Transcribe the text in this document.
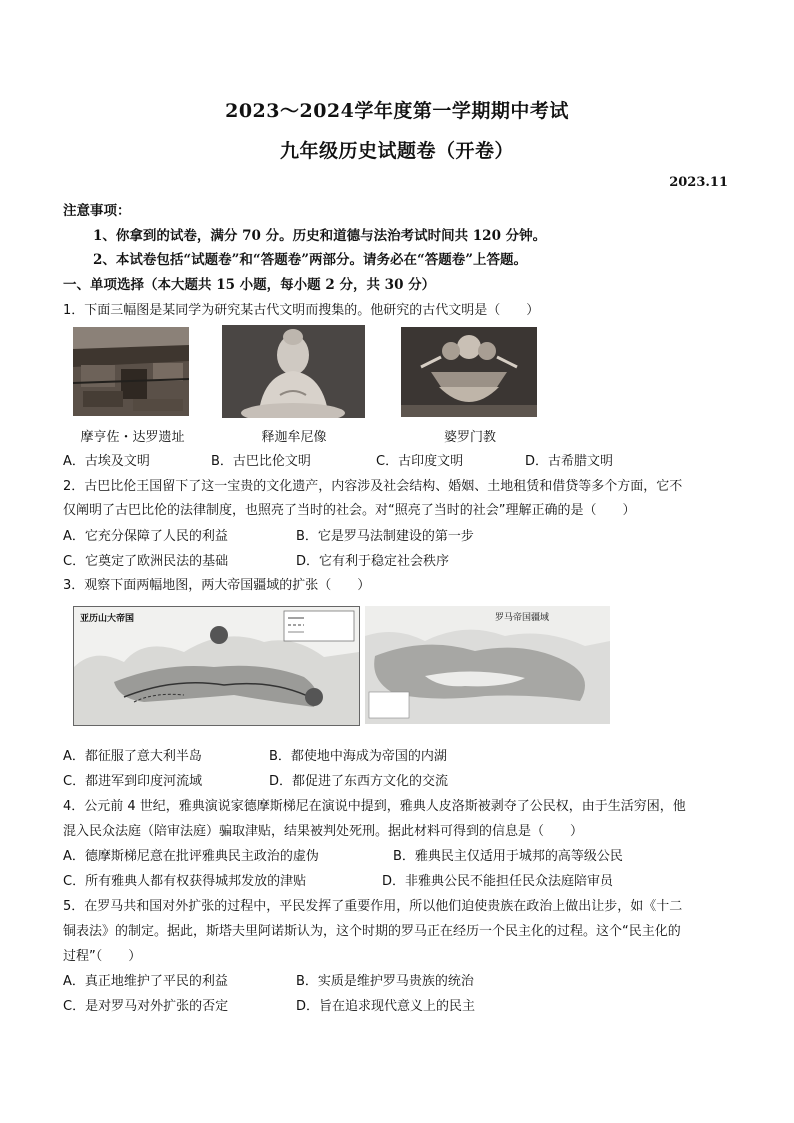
2023～2024学年度第一学期期中考试
九年级历史试题卷（开卷）
2023.11
注意事项：
1、你拿到的试卷，满分 70 分。历史和道德与法治考试时间共 120 分钟。
2、本试卷包括“试题卷”和“答题卷”两部分。请务必在“答题卷”上答题。
一、单项选择（本大题共 15 小题，每小题 2 分，共 30 分）
1．下面三幅图是某同学为研究某古代文明而搜集的。他研究的古代文明是（　　）
摩亨佐・达罗遗址	释迦牟尼像	婆罗门教
A．古埃及文明	B．古巴比伦文明	C．古印度文明	D．古希腊文明
2．古巴比伦王国留下了这一宝贵的文化遗产，内容涉及社会结构、婚姻、土地租赁和借贷等多个方面，它不
仅阐明了古巴比伦的法律制度，也照亮了当时的社会。对“照亮了当时的社会”理解正确的是（　　）
A．它充分保障了人民的利益	B．它是罗马法制建设的第一步
C．它奠定了欧洲民法的基础	D．它有利于稳定社会秩序
3．观察下面两幅地图，两大帝国疆域的扩张（　　）
亚历山大帝国	罗马帝国疆域
A．都征服了意大利半岛	B．都使地中海成为帝国的内湖
C．都进军到印度河流域	D．都促进了东西方文化的交流
4．公元前 4 世纪，雅典演说家德摩斯梯尼在演说中提到，雅典人皮洛斯被剥夺了公民权，由于生活穷困，他
混入民众法庭（陪审法庭）骗取津贴，结果被判处死刑。据此材料可得到的信息是（　　）
A．德摩斯梯尼意在批评雅典民主政治的虚伪	B．雅典民主仅适用于城邦的高等级公民
C．所有雅典人都有权获得城邦发放的津贴	D．非雅典公民不能担任民众法庭陪审员
5．在罗马共和国对外扩张的过程中，平民发挥了重要作用，所以他们迫使贵族在政治上做出让步，如《十二
铜表法》的制定。据此，斯塔夫里阿诺斯认为，这个时期的罗马正在经历一个民主化的过程。这个“民主化的
过程”（　　）
A．真正地维护了平民的利益	B．实质是维护罗马贵族的统治
C．是对罗马对外扩张的否定	D．旨在追求现代意义上的民主
